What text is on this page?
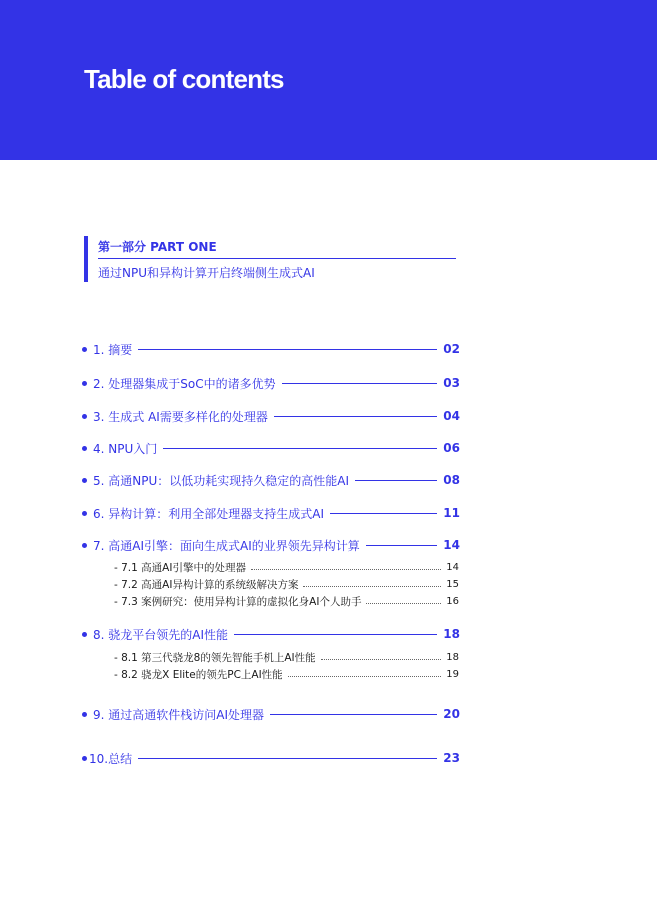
Table of contents
第一部分 PART ONE
通过NPU和异构计算开启终端侧生成式AI
1. 摘要	02
2. 处理器集成于SoC中的诸多优势	03
3. 生成式 AI需要多样化的处理器	04
4. NPU入门	06
5. 高通NPU：以低功耗实现持久稳定的高性能AI	08
6. 异构计算：利用全部处理器支持生成式AI	11
7. 高通AI引擎：面向生成式AI的业界领先异构计算	14
- 7.1 高通AI引擎中的处理器	14
- 7.2 高通AI异构计算的系统级解决方案	15
- 7.3 案例研究：使用异构计算的虚拟化身AI个人助手	16
8. 骁龙平台领先的AI性能	18
- 8.1 第三代骁龙8的领先智能手机上AI性能	18
- 8.2 骁龙X Elite的领先PC上AI性能	19
9. 通过高通软件栈访问AI处理器	20
10.总结	23
